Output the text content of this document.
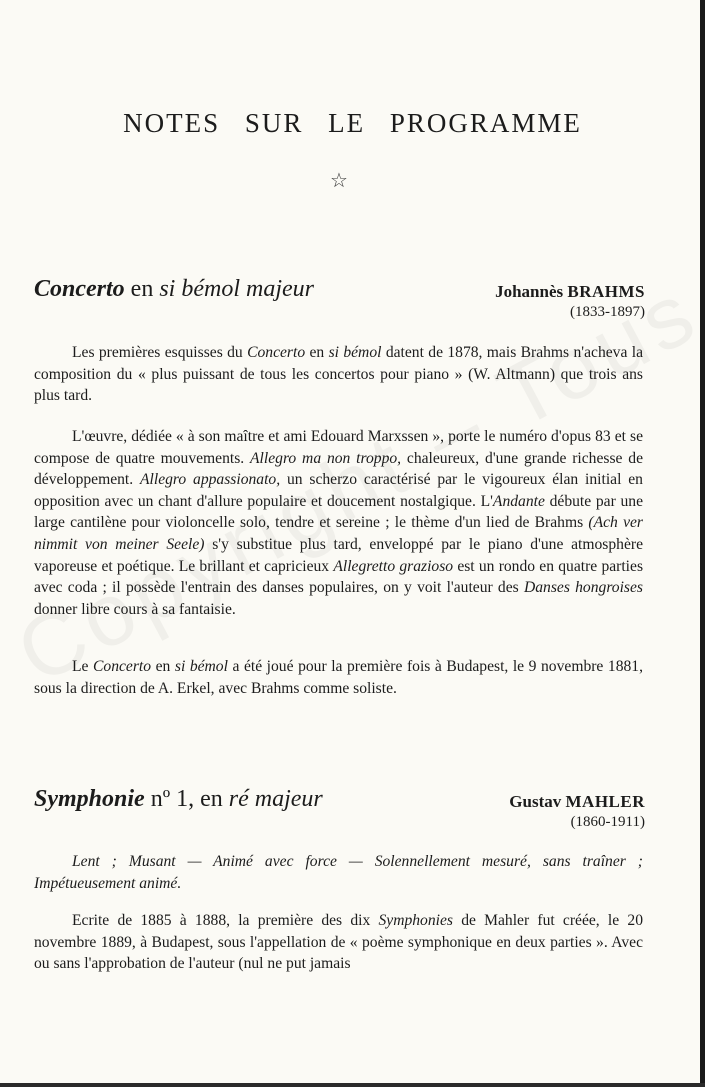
NOTES SUR LE PROGRAMME
☆
Concerto en si bémol majeur	Johannès BRAHMS
(1833-1897)

Les premières esquisses du Concerto en si bémol datent de 1878, mais Brahms n'acheva la composition du « plus puissant de tous les concertos pour piano » (W. Altmann) que trois ans plus tard.

L'œuvre, dédiée « à son maître et ami Edouard Marxssen », porte le numéro d'opus 83 et se compose de quatre mouvements. Allegro ma non troppo, chaleureux, d'une grande richesse de développement. Allegro appassionato, un scherzo caractérisé par le vigoureux élan initial en opposition avec un chant d'allure populaire et doucement nostalgique. L'Andante débute par une large cantilène pour violoncelle solo, tendre et sereine ; le thème d'un lied de Brahms (Ach ver nimmit von meiner Seele) s'y substitue plus tard, enveloppé par le piano d'une atmosphère vaporeuse et poétique. Le brillant et capricieux Allegretto grazioso est un rondo en quatre parties avec coda ; il possède l'entrain des danses populaires, on y voit l'auteur des Danses hongroises donner libre cours à sa fantaisie.

Le Concerto en si bémol a été joué pour la première fois à Budapest, le 9 novembre 1881, sous la direction de A. Erkel, avec Brahms comme soliste.

Symphonie nº 1, en ré majeur	Gustav MAHLER
(1860-1911)

Lent ; Musant — Animé avec force — Solennellement mesuré, sans traîner ; Impétueusement animé.

Ecrite de 1885 à 1888, la première des dix Symphonies de Mahler fut créée, le 20 novembre 1889, à Budapest, sous l'appellation de « poème symphonique en deux parties ». Avec ou sans l'approbation de l'auteur (nul ne put jamais
